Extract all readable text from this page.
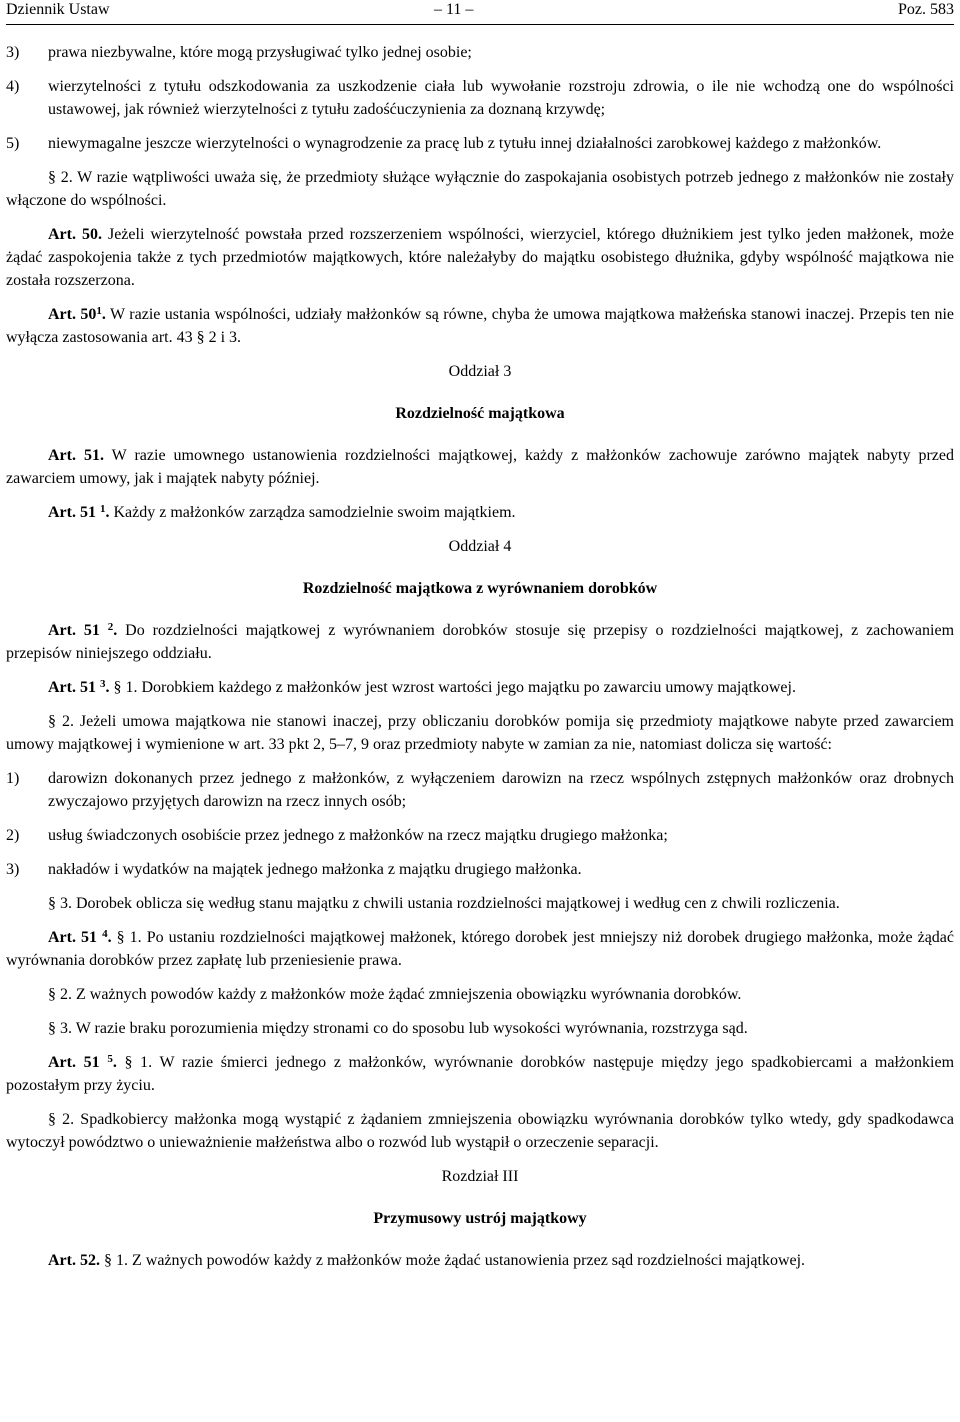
Dziennik Ustaw	– 11 –	Poz. 583

3)	prawa niezbywalne, które mogą przysługiwać tylko jednej osobie;

4)	wierzytelności z tytułu odszkodowania za uszkodzenie ciała lub wywołanie rozstroju zdrowia, o ile nie wchodzą one do wspólności ustawowej, jak również wierzytelności z tytułu zadośćuczynienia za doznaną krzywdę;

5)	niewymagalne jeszcze wierzytelności o wynagrodzenie za pracę lub z tytułu innej działalności zarobkowej każdego z małżonków.

§ 2. W razie wątpliwości uważa się, że przedmioty służące wyłącznie do zaspokajania osobistych potrzeb jednego z małżonków nie zostały włączone do wspólności.

Art. 50. Jeżeli wierzytelność powstała przed rozszerzeniem wspólności, wierzyciel, którego dłużnikiem jest tylko jeden małżonek, może żądać zaspokojenia także z tych przedmiotów majątkowych, które należałyby do majątku osobistego dłużnika, gdyby wspólność majątkowa nie została rozszerzona.

Art. $50^1$. W razie ustania wspólności, udziały małżonków są równe, chyba że umowa majątkowa małżeńska stanowi inaczej. Przepis ten nie wyłącza zastosowania art. 43 § 2 i 3.

Oddział 3

Rozdzielność majątkowa

Art. 51. W razie umownego ustanowienia rozdzielności majątkowej, każdy z małżonków zachowuje zarówno majątek nabyty przed zawarciem umowy, jak i majątek nabyty później.

Art. 51 $^1$. Każdy z małżonków zarządza samodzielnie swoim majątkiem.

Oddział 4

Rozdzielność majątkowa z wyrównaniem dorobków

Art. 51 $^2$. Do rozdzielności majątkowej z wyrównaniem dorobków stosuje się przepisy o rozdzielności majątkowej, z zachowaniem przepisów niniejszego oddziału.

Art. 51 $^3$. § 1. Dorobkiem każdego z małżonków jest wzrost wartości jego majątku po zawarciu umowy majątkowej.

§ 2. Jeżeli umowa majątkowa nie stanowi inaczej, przy obliczaniu dorobków pomija się przedmioty majątkowe nabyte przed zawarciem umowy majątkowej i wymienione w art. 33 pkt 2, 5–7, 9 oraz przedmioty nabyte w zamian za nie, natomiast dolicza się wartość:

1)	darowizn dokonanych przez jednego z małżonków, z wyłączeniem darowizn na rzecz wspólnych zstępnych małżonków oraz drobnych zwyczajowo przyjętych darowizn na rzecz innych osób;

2)	usług świadczonych osobiście przez jednego z małżonków na rzecz majątku drugiego małżonka;

3)	nakładów i wydatków na majątek jednego małżonka z majątku drugiego małżonka.

§ 3. Dorobek oblicza się według stanu majątku z chwili ustania rozdzielności majątkowej i według cen z chwili rozliczenia.

Art. 51 $^4$. § 1. Po ustaniu rozdzielności majątkowej małżonek, którego dorobek jest mniejszy niż dorobek drugiego małżonka, może żądać wyrównania dorobków przez zapłatę lub przeniesienie prawa.

§ 2. Z ważnych powodów każdy z małżonków może żądać zmniejszenia obowiązku wyrównania dorobków.

§ 3. W razie braku porozumienia między stronami co do sposobu lub wysokości wyrównania, rozstrzyga sąd.

Art. 51 $^5$. § 1. W razie śmierci jednego z małżonków, wyrównanie dorobków następuje między jego spadkobiercami a małżonkiem pozostałym przy życiu.

§ 2. Spadkobiercy małżonka mogą wystąpić z żądaniem zmniejszenia obowiązku wyrównania dorobków tylko wtedy, gdy spadkodawca wytoczył powództwo o unieważnienie małżeństwa albo o rozwód lub wystąpił o orzeczenie separacji.

Rozdział III

Przymusowy ustrój majątkowy

Art. 52. § 1. Z ważnych powodów każdy z małżonków może żądać ustanowienia przez sąd rozdzielności majątkowej.
